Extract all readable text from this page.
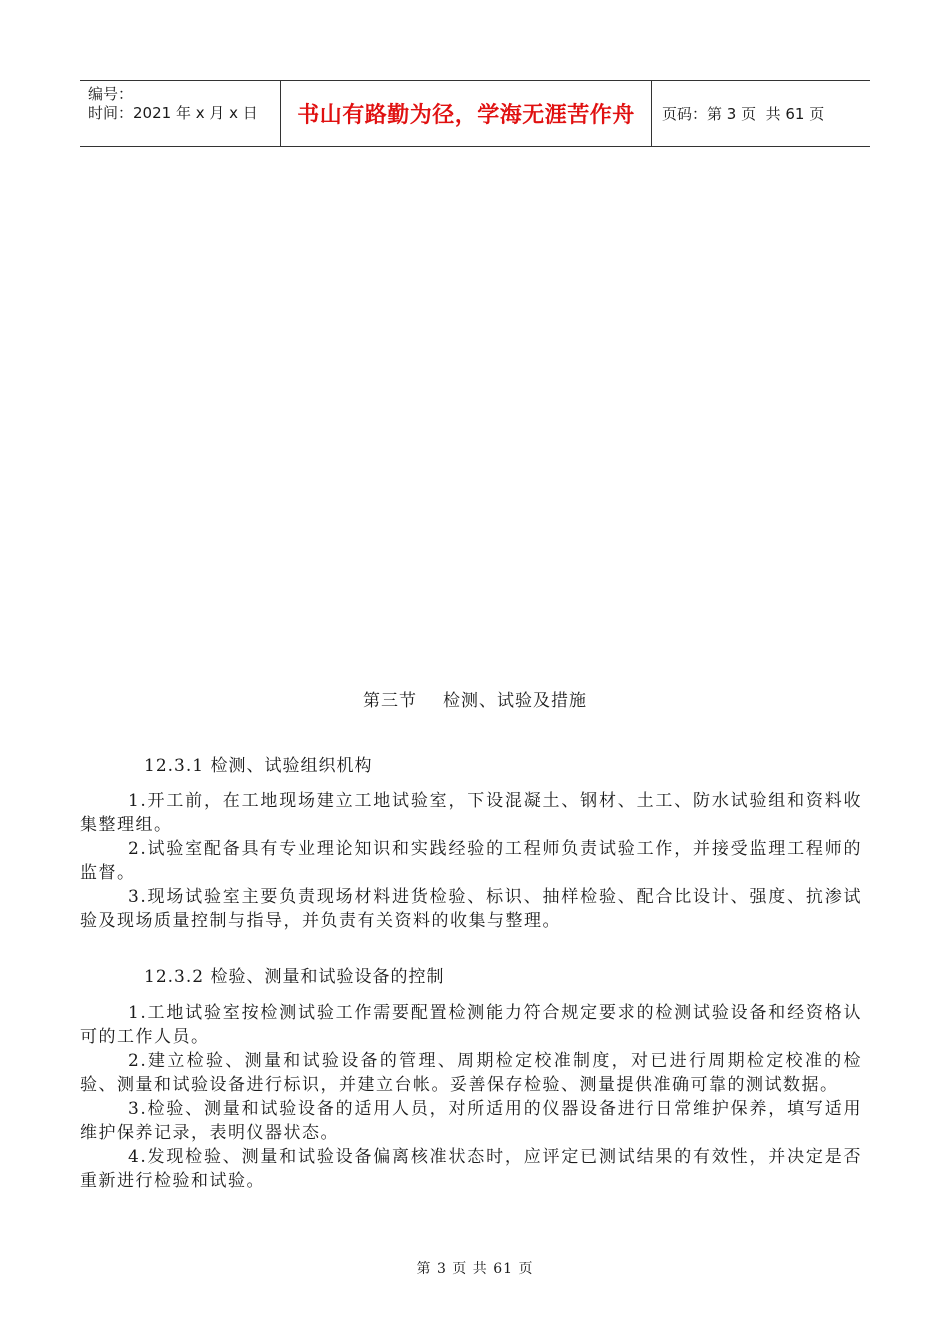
编号：
时间：2021 年 x 月 x 日	书山有路勤为径，学海无涯苦作舟 页码：第 3 页  共 61 页
第三节 检测、试验及措施
12.3.1 检测、试验组织机构

1.开工前，在工地现场建立工地试验室，下设混凝土、钢材、土工、防水试验组和资料收集整理组。

2.试验室配备具有专业理论知识和实践经验的工程师负责试验工作，并接受监理工程师的监督。

3.现场试验室主要负责现场材料进货检验、标识、抽样检验、配合比设计、强度、抗渗试验及现场质量控制与指导，并负责有关资料的收集与整理。

12.3.2 检验、测量和试验设备的控制

1.工地试验室按检测试验工作需要配置检测能力符合规定要求的检测试验设备和经资格认可的工作人员。

2.建立检验、测量和试验设备的管理、周期检定校准制度，对已进行周期检定校准的检验、测量和试验设备进行标识，并建立台帐。妥善保存检验、测量提供准确可靠的测试数据。

3.检验、测量和试验设备的适用人员，对所适用的仪器设备进行日常维护保养，填写适用维护保养记录，表明仪器状态。

4.发现检验、测量和试验设备偏离核准状态时，应评定已测试结果的有效性，并决定是否重新进行检验和试验。

第 3 页 共 61 页
